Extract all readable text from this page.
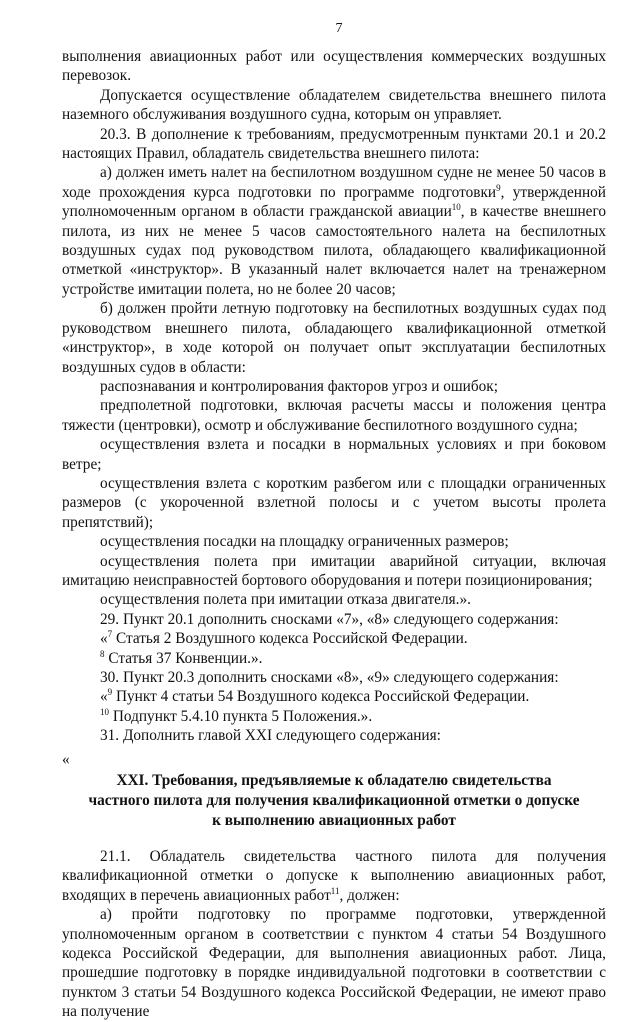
7

выполнения авиационных работ или осуществления коммерческих воздушных перевозок.

Допускается осуществление обладателем свидетельства внешнего пилота наземного обслуживания воздушного судна, которым он управляет.

20.3. В дополнение к требованиям, предусмотренным пунктами 20.1 и 20.2 настоящих Правил, обладатель свидетельства внешнего пилота:

а) должен иметь налет на беспилотном воздушном судне не менее 50 часов в ходе прохождения курса подготовки по программе подготовки$^9$, утвержденной уполномоченным органом в области гражданской авиации$^{10}$, в качестве внешнего пилота, из них не менее 5 часов самостоятельного налета на беспилотных воздушных судах под руководством пилота, обладающего квалификационной отметкой «инструктор». В указанный налет включается налет на тренажерном устройстве имитации полета, но не более 20 часов;

б) должен пройти летную подготовку на беспилотных воздушных судах под руководством внешнего пилота, обладающего квалификационной отметкой «инструктор», в ходе которой он получает опыт эксплуатации беспилотных воздушных судов в области:

распознавания и контролирования факторов угроз и ошибок;

предполетной подготовки, включая расчеты массы и положения центра тяжести (центровки), осмотр и обслуживание беспилотного воздушного судна;

осуществления взлета и посадки в нормальных условиях и при боковом ветре;

осуществления взлета с коротким разбегом или с площадки ограниченных размеров (с укороченной взлетной полосы и с учетом высоты пролета препятствий);

осуществления посадки на площадку ограниченных размеров;

осуществления полета при имитации аварийной ситуации, включая имитацию неисправностей бортового оборудования и потери позиционирования;

осуществления полета при имитации отказа двигателя.».

29. Пункт 20.1 дополнить сносками «7», «8» следующего содержания:

«$^7$ Статья 2 Воздушного кодекса Российской Федерации.

$^8$ Статья 37 Конвенции.».

30. Пункт 20.3 дополнить сносками «8», «9» следующего содержания:

«$^9$ Пункт 4 статьи 54 Воздушного кодекса Российской Федерации.

$^{10}$ Подпункт 5.4.10 пункта 5 Положения.».

31. Дополнить главой XXI следующего содержания:

«

XXI. Требования, предъявляемые к обладателю свидетельства
частного пилота для получения квалификационной отметки о допуске
к выполнению авиационных работ

21.1. Обладатель свидетельства частного пилота для получения квалификационной отметки о допуске к выполнению авиационных работ, входящих в перечень авиационных работ$^{11}$, должен:

а) пройти подготовку по программе подготовки, утвержденной уполномоченным органом в соответствии с пунктом 4 статьи 54 Воздушного кодекса Российской Федерации, для выполнения авиационных работ. Лица, прошедшие подготовку в порядке индивидуальной подготовки в соответствии с пунктом 3 статьи 54 Воздушного кодекса Российской Федерации, не имеют право на получение
